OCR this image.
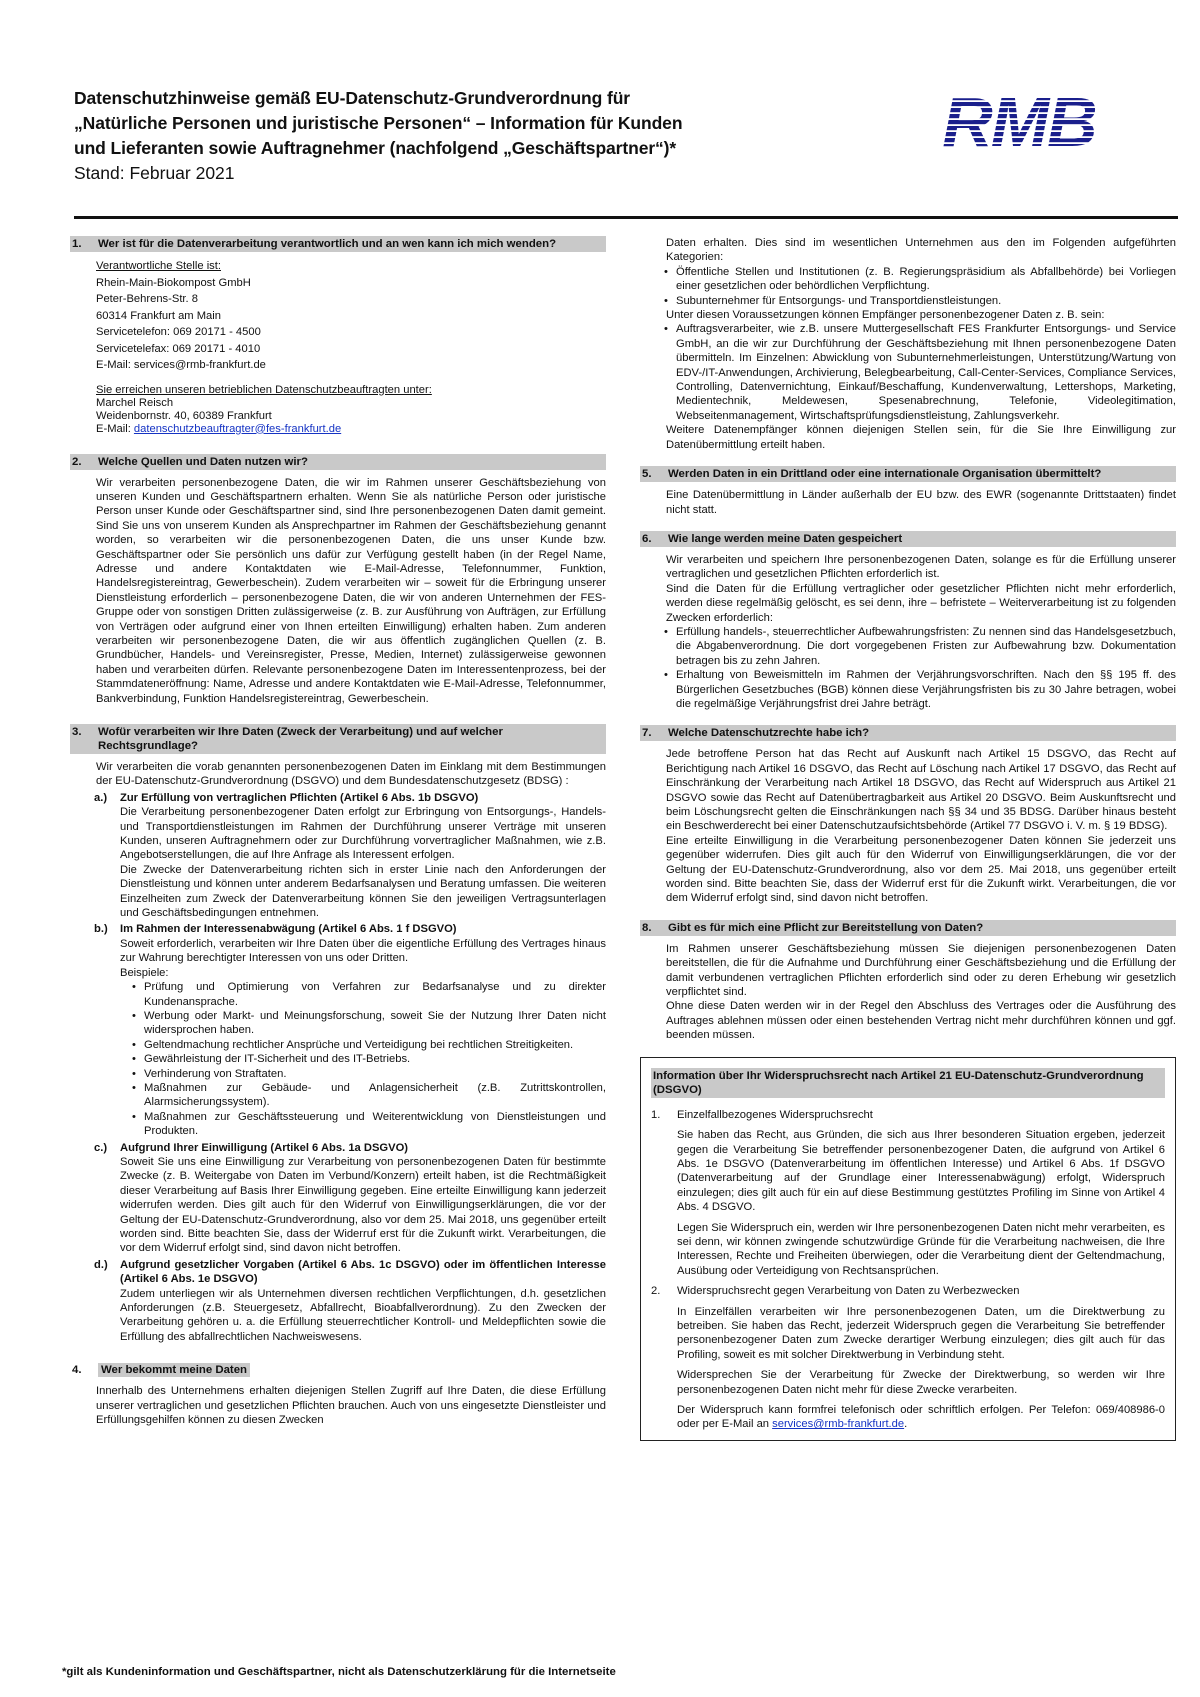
Datenschutzhinweise gemäß EU-Datenschutz-Grundverordnung für
„Natürliche Personen und juristische Personen“ – Information für Kunden
und Lieferanten sowie Auftragnehmer (nachfolgend „Geschäftspartner“)*
Stand: Februar 2021
1.	Wer ist für die Datenverarbeitung verantwortlich und an wen kann ich mich wenden?
Verantwortliche Stelle ist:
Rhein-Main-Biokompost GmbH
Peter-Behrens-Str. 8
60314 Frankfurt am Main
Servicetelefon: 069 20171 - 4500
Servicetelefax: 069 20171 - 4010
E-Mail: services@rmb-frankfurt.de
Sie erreichen unseren betrieblichen Datenschutzbeauftragten unter:
Marchel Reisch
Weidenbornstr. 40, 60389 Frankfurt
E-Mail: datenschutzbeauftragter@fes-frankfurt.de
2.	Welche Quellen und Daten nutzen wir?

Wir verarbeiten personenbezogene Daten, die wir im Rahmen unserer Geschäftsbeziehung von unseren Kunden und Geschäftspartnern erhalten. Wenn Sie als natürliche Person oder juristische Person unser Kunde oder Geschäftspartner sind, sind Ihre personenbezogenen Daten damit gemeint. Sind Sie uns von unserem Kunden als Ansprechpartner im Rahmen der Geschäftsbeziehung genannt worden, so verarbeiten wir die personenbezogenen Daten, die uns unser Kunde bzw. Geschäftspartner oder Sie persönlich uns dafür zur Verfügung gestellt haben (in der Regel Name, Adresse und andere Kontaktdaten wie E-Mail-Adresse, Telefonnummer, Funktion, Handelsregistereintrag, Gewerbeschein). Zudem verarbeiten wir – soweit für die Erbringung unserer Dienstleistung erforderlich – personenbezogene Daten, die wir von anderen Unternehmen der FES-Gruppe oder von sonstigen Dritten zulässigerweise (z. B. zur Ausführung von Aufträgen, zur Erfüllung von Verträgen oder aufgrund einer von Ihnen erteilten Einwilligung) erhalten haben. Zum anderen verarbeiten wir personenbezogene Daten, die wir aus öffentlich zugänglichen Quellen (z. B. Grundbücher, Handels- und Vereinsregister, Presse, Medien, Internet) zulässigerweise gewonnen haben und verarbeiten dürfen. Relevante personenbezogene Daten im Interessentenprozess, bei der Stammdateneröffnung: Name, Adresse und andere Kontaktdaten wie E-Mail-Adresse, Telefonnummer, Bankverbindung, Funktion Handelsregistereintrag, Gewerbeschein.

3.	Wofür verarbeiten wir Ihre Daten (Zweck der Verarbeitung) und auf welcher Rechtsgrundlage?

Wir verarbeiten die vorab genannten personenbezogenen Daten im Einklang mit dem Bestimmungen der EU-Datenschutz-Grundverordnung (DSGVO) und dem Bundesdatenschutzgesetz (BDSG) :

a.)	Zur Erfüllung von vertraglichen Pflichten (Artikel 6 Abs. 1b DSGVO)
Die Verarbeitung personenbezogener Daten erfolgt zur Erbringung von Entsorgungs-, Handels- und Transportdienstleistungen im Rahmen der Durchführung unserer Verträge mit unseren Kunden, unseren Auftragnehmern oder zur Durchführung vorvertraglicher Maßnahmen, wie z.B. Angebotserstellungen, die auf Ihre Anfrage als Interessent erfolgen.
Die Zwecke der Datenverarbeitung richten sich in erster Linie nach den Anforderungen der Dienstleistung und können unter anderem Bedarfsanalysen und Beratung umfassen. Die weiteren Einzelheiten zum Zweck der Datenverarbeitung können Sie den jeweiligen Vertragsunterlagen und Geschäftsbedingungen entnehmen.
b.)	Im Rahmen der Interessenabwägung (Artikel 6 Abs. 1 f DSGVO)
Soweit erforderlich, verarbeiten wir Ihre Daten über die eigentliche Erfüllung des Vertrages hinaus zur Wahrung berechtigter Interessen von uns oder Dritten.
Beispiele:
• Prüfung und Optimierung von Verfahren zur Bedarfsanalyse und zu direkter Kundenansprache.
• Werbung oder Markt- und Meinungsforschung, soweit Sie der Nutzung Ihrer Daten nicht widersprochen haben.
• Geltendmachung rechtlicher Ansprüche und Verteidigung bei rechtlichen Streitigkeiten.
• Gewährleistung der IT-Sicherheit und des IT-Betriebs.
• Verhinderung von Straftaten.
• Maßnahmen zur Gebäude- und Anlagensicherheit (z.B. Zutrittskontrollen, Alarmsicherungssystem).
• Maßnahmen zur Geschäftssteuerung und Weiterentwicklung von Dienstleistungen und Produkten.
c.)	Aufgrund Ihrer Einwilligung (Artikel 6 Abs. 1a DSGVO)
Soweit Sie uns eine Einwilligung zur Verarbeitung von personenbezogenen Daten für bestimmte Zwecke (z. B. Weitergabe von Daten im Verbund/Konzern) erteilt haben, ist die Rechtmäßigkeit dieser Verarbeitung auf Basis Ihrer Einwilligung gegeben. Eine erteilte Einwilligung kann jederzeit widerrufen werden. Dies gilt auch für den Widerruf von Einwilligungserklärungen, die vor der Geltung der EU-Datenschutz-Grundverordnung, also vor dem 25. Mai 2018, uns gegenüber erteilt worden sind. Bitte beachten Sie, dass der Widerruf erst für die Zukunft wirkt. Verarbeitungen, die vor dem Widerruf erfolgt sind, sind davon nicht betroffen.
d.)	Aufgrund gesetzlicher Vorgaben (Artikel 6 Abs. 1c DSGVO) oder im öffentlichen Interesse (Artikel 6 Abs. 1e DSGVO)
Zudem unterliegen wir als Unternehmen diversen rechtlichen Verpflichtungen, d.h. gesetzlichen Anforderungen (z.B. Steuergesetz, Abfallrecht, Bioabfallverordnung). Zu den Zwecken der Verarbeitung gehören u. a. die Erfüllung steuerrechtlicher Kontroll- und Meldepflichten sowie die Erfüllung des abfallrechtlichen Nachweiswesens.
4.	Wer bekommt meine Daten

Innerhalb des Unternehmens erhalten diejenigen Stellen Zugriff auf Ihre Daten, die diese Erfüllung unserer vertraglichen und gesetzlichen Pflichten brauchen. Auch von uns eingesetzte Dienstleister und Erfüllungsgehilfen können zu diesen Zwecken

Daten erhalten. Dies sind im wesentlichen Unternehmen aus den im Folgenden aufgeführten Kategorien:
• Öffentliche Stellen und Institutionen (z. B. Regierungspräsidium als Abfallbehörde) bei Vorliegen einer gesetzlichen oder behördlichen Verpflichtung.
• Subunternehmer für Entsorgungs- und Transportdienstleistungen.
Unter diesen Voraussetzungen können Empfänger personenbezogener Daten z. B. sein:
• Auftragsverarbeiter, wie z.B. unsere Muttergesellschaft FES Frankfurter Entsorgungs- und Service GmbH, an die wir zur Durchführung der Geschäftsbeziehung mit Ihnen personenbezogene Daten übermitteln. Im Einzelnen: Abwicklung von Subunternehmerleistungen, Unterstützung/Wartung von EDV-/IT-Anwendungen, Archivierung, Belegbearbeitung, Call-Center-Services, Compliance Services, Controlling, Datenvernichtung, Einkauf/Beschaffung, Kundenverwaltung, Lettershops, Marketing, Medientechnik, Meldewesen, Spesenabrechnung, Telefonie, Videolegitimation, Webseitenmanagement, Wirtschaftsprüfungsdienstleistung, Zahlungsverkehr.
Weitere Datenempfänger können diejenigen Stellen sein, für die Sie Ihre Einwilligung zur Datenübermittlung erteilt haben.
5.	Werden Daten in ein Drittland oder eine internationale Organisation übermittelt?

Eine Datenübermittlung in Länder außerhalb der EU bzw. des EWR (sogenannte Drittstaaten) findet nicht statt.

6.	Wie lange werden meine Daten gespeichert
Wir verarbeiten und speichern Ihre personenbezogenen Daten, solange es für die Erfüllung unserer vertraglichen und gesetzlichen Pflichten erforderlich ist.
Sind die Daten für die Erfüllung vertraglicher oder gesetzlicher Pflichten nicht mehr erforderlich, werden diese regelmäßig gelöscht, es sei denn, ihre – befristete – Weiterverarbeitung ist zu folgenden Zwecken erforderlich:
• Erfüllung handels-, steuerrechtlicher Aufbewahrungsfristen: Zu nennen sind das Handelsgesetzbuch, die Abgabenverordnung. Die dort vorgegebenen Fristen zur Aufbewahrung bzw. Dokumentation betragen bis zu zehn Jahren.
• Erhaltung von Beweismitteln im Rahmen der Verjährungsvorschriften. Nach den §§ 195 ff. des Bürgerlichen Gesetzbuches (BGB) können diese Verjährungsfristen bis zu 30 Jahre betragen, wobei die regelmäßige Verjährungsfrist drei Jahre beträgt.
7.	Welche Datenschutzrechte habe ich?
Jede betroffene Person hat das Recht auf Auskunft nach Artikel 15 DSGVO, das Recht auf Berichtigung nach Artikel 16 DSGVO, das Recht auf Löschung nach Artikel 17 DSGVO, das Recht auf Einschränkung der Verarbeitung nach Artikel 18 DSGVO, das Recht auf Widerspruch aus Artikel 21 DSGVO sowie das Recht auf Datenübertragbarkeit aus Artikel 20 DSGVO. Beim Auskunftsrecht und beim Löschungsrecht gelten die Einschränkungen nach §§ 34 und 35 BDSG. Darüber hinaus besteht ein Beschwerderecht bei einer Datenschutzaufsichtsbehörde (Artikel 77 DSGVO i. V. m. § 19 BDSG).
Eine erteilte Einwilligung in die Verarbeitung personenbezogener Daten können Sie jederzeit uns gegenüber widerrufen. Dies gilt auch für den Widerruf von Einwilligungserklärungen, die vor der Geltung der EU-Datenschutz-Grundverordnung, also vor dem 25. Mai 2018, uns gegenüber erteilt worden sind. Bitte beachten Sie, dass der Widerruf erst für die Zukunft wirkt. Verarbeitungen, die vor dem Widerruf erfolgt sind, sind davon nicht betroffen.
8.	Gibt es für mich eine Pflicht zur Bereitstellung von Daten?
Im Rahmen unserer Geschäftsbeziehung müssen Sie diejenigen personenbezogenen Daten bereitstellen, die für die Aufnahme und Durchführung einer Geschäftsbeziehung und die Erfüllung der damit verbundenen vertraglichen Pflichten erforderlich sind oder zu deren Erhebung wir gesetzlich verpflichtet sind.
Ohne diese Daten werden wir in der Regel den Abschluss des Vertrages oder die Ausführung des Auftrages ablehnen müssen oder einen bestehenden Vertrag nicht mehr durchführen können und ggf. beenden müssen.
Information über Ihr Widerspruchsrecht nach Artikel 21 EU-Datenschutz-Grundverordnung (DSGVO)
1.	Einzelfallbezogenes Widerspruchsrecht

Sie haben das Recht, aus Gründen, die sich aus Ihrer besonderen Situation ergeben, jederzeit gegen die Verarbeitung Sie betreffender personenbezogener Daten, die aufgrund von Artikel 6 Abs. 1e DSGVO (Datenverarbeitung im öffentlichen Interesse) und Artikel 6 Abs. 1f DSGVO (Datenverarbeitung auf der Grundlage einer Interessenabwägung) erfolgt, Widerspruch einzulegen; dies gilt auch für ein auf diese Bestimmung gestütztes Profiling im Sinne von Artikel 4 Abs. 4 DSGVO.

Legen Sie Widerspruch ein, werden wir Ihre personenbezogenen Daten nicht mehr verarbeiten, es sei denn, wir können zwingende schutzwürdige Gründe für die Verarbeitung nachweisen, die Ihre Interessen, Rechte und Freiheiten überwiegen, oder die Verarbeitung dient der Geltendmachung, Ausübung oder Verteidigung von Rechtsansprüchen.

2.	Widerspruchsrecht gegen Verarbeitung von Daten zu Werbezwecken

In Einzelfällen verarbeiten wir Ihre personenbezogenen Daten, um die Direktwerbung zu betreiben. Sie haben das Recht, jederzeit Widerspruch gegen die Verarbeitung Sie betreffender personenbezogener Daten zum Zwecke derartiger Werbung einzulegen; dies gilt auch für das Profiling, soweit es mit solcher Direktwerbung in Verbindung steht.

Widersprechen Sie der Verarbeitung für Zwecke der Direktwerbung, so werden wir Ihre personenbezogenen Daten nicht mehr für diese Zwecke verarbeiten.

Der Widerspruch kann formfrei telefonisch oder schriftlich erfolgen. Per Telefon: 069/408986-0 oder per E-Mail an services@rmb-frankfurt.de.

*gilt als Kundeninformation und Geschäftspartner, nicht als Datenschutzerklärung für die Internetseite
